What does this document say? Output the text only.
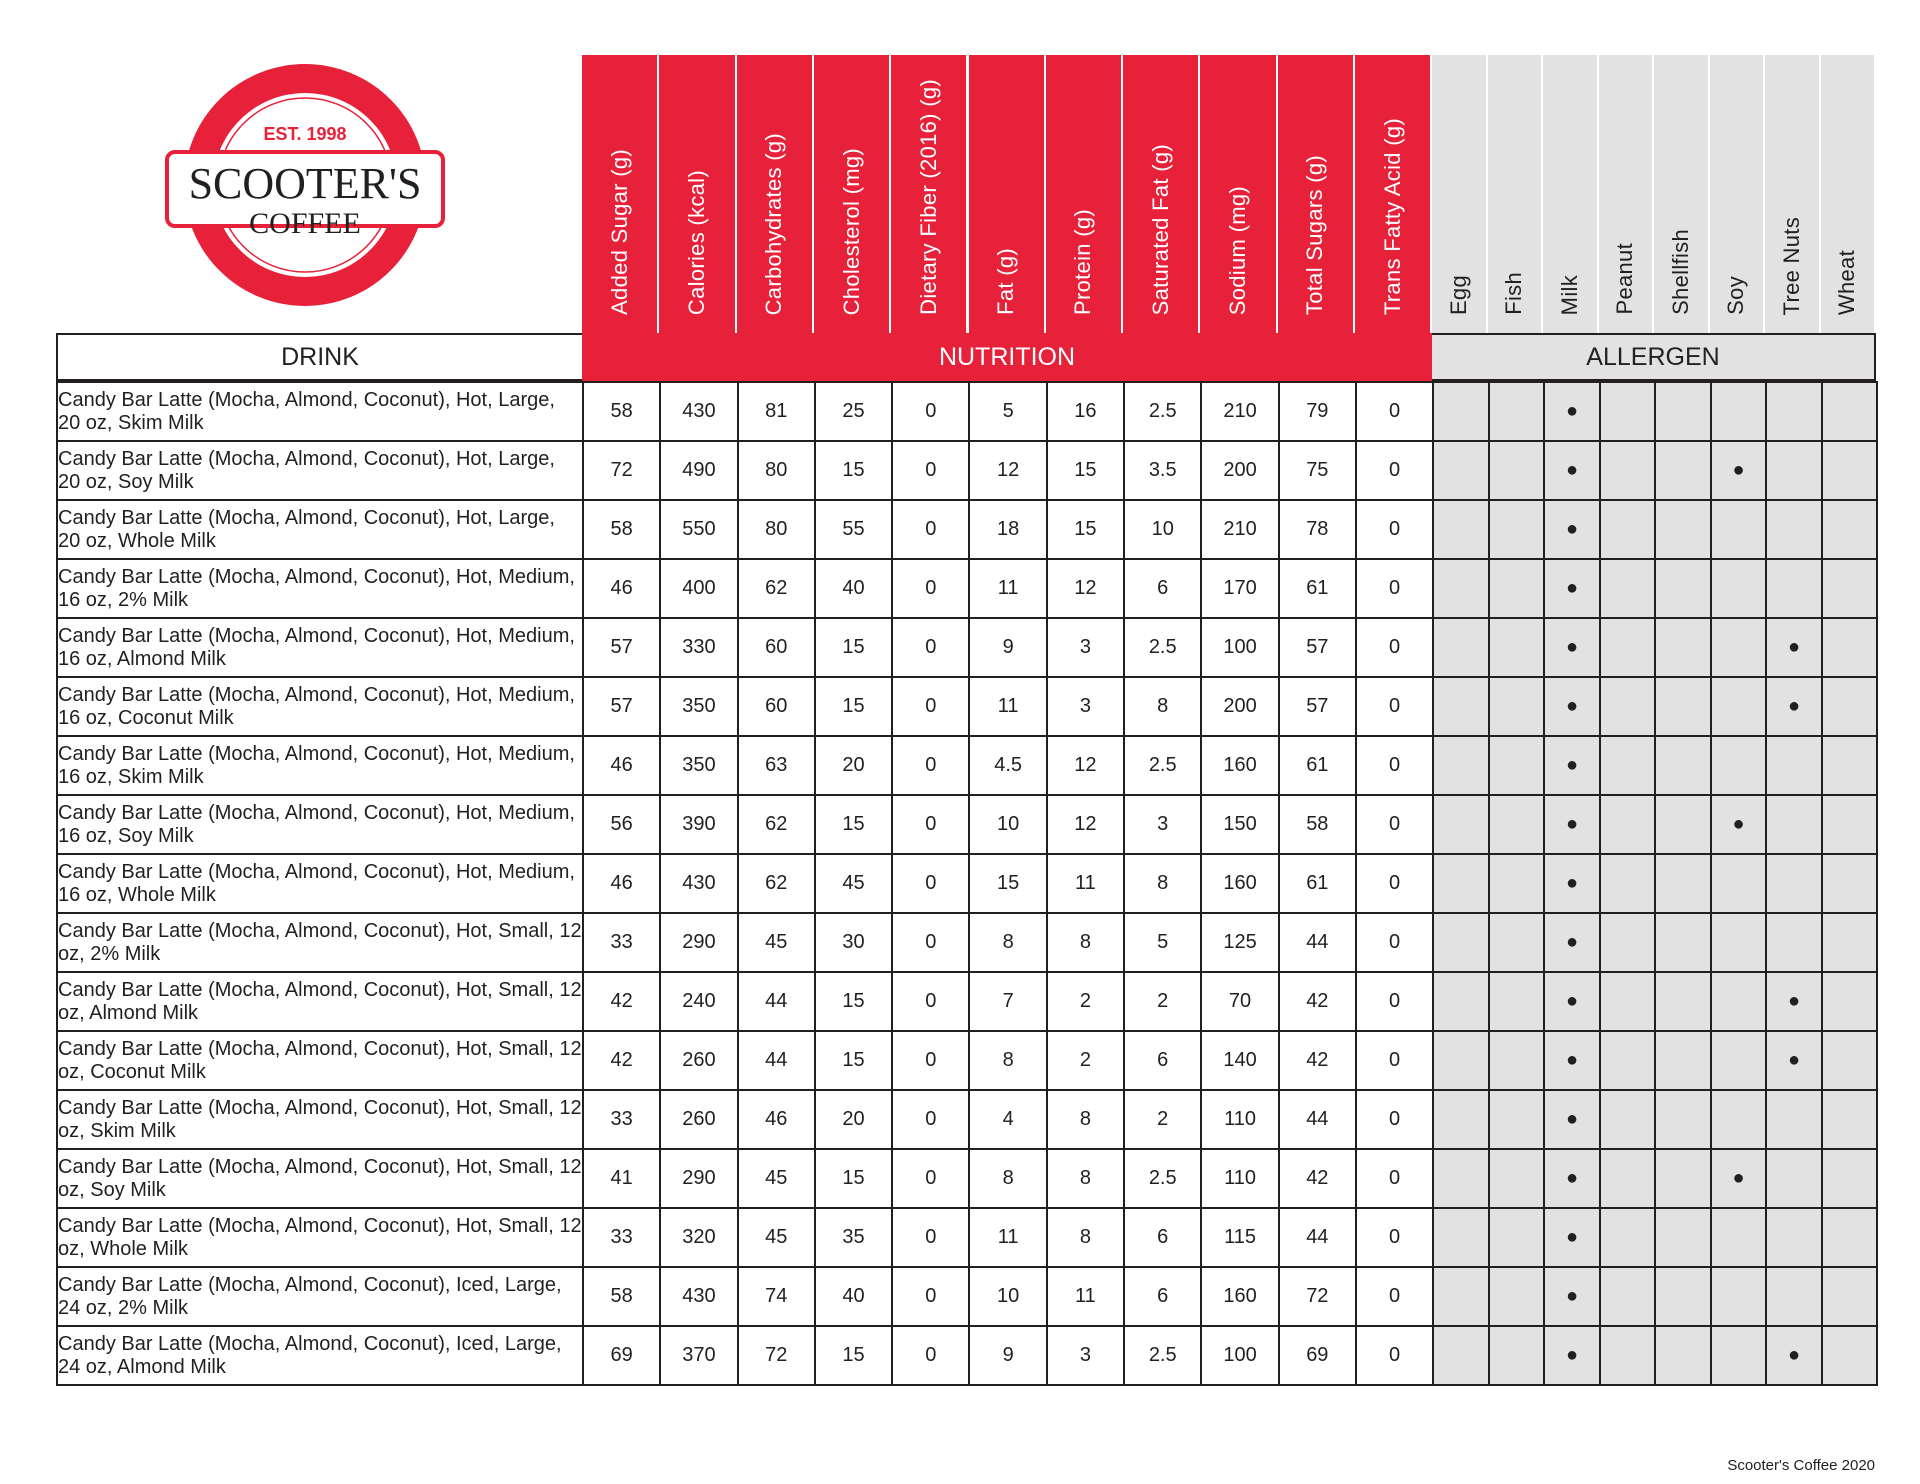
EST. 1998
SCOOTER'S
COFFEE	Added Sugar (g) Calories (kcal) Carbohydrates (g) Cholesterol (mg) Dietary Fiber (2016) (g) Fat (g) Protein (g) Saturated Fat (g) Sodium (mg) Total Sugars (g) Trans Fatty Acid (g) Egg Fish Milk Peanut Shellfish Soy Tree Nuts Wheat
DRINK	NUTRITION	ALLERGEN
Candy Bar Latte (Mocha, Almond, Coconut), Hot, Large, 20 oz, Skim Milk	58	430	81	25	0	5	16	2.5	210	79	0			●					
Candy Bar Latte (Mocha, Almond, Coconut), Hot, Large, 20 oz, Soy Milk	72	490	80	15	0	12	15	3.5	200	75	0			●			●		
Candy Bar Latte (Mocha, Almond, Coconut), Hot, Large, 20 oz, Whole Milk	58	550	80	55	0	18	15	10	210	78	0			●					
Candy Bar Latte (Mocha, Almond, Coconut), Hot, Medium, 16 oz, 2% Milk	46	400	62	40	0	11	12	6	170	61	0			●					
Candy Bar Latte (Mocha, Almond, Coconut), Hot, Medium, 16 oz, Almond Milk	57	330	60	15	0	9	3	2.5	100	57	0			●				●	
Candy Bar Latte (Mocha, Almond, Coconut), Hot, Medium, 16 oz, Coconut Milk	57	350	60	15	0	11	3	8	200	57	0			●				●	
Candy Bar Latte (Mocha, Almond, Coconut), Hot, Medium, 16 oz, Skim Milk	46	350	63	20	0	4.5	12	2.5	160	61	0			●					
Candy Bar Latte (Mocha, Almond, Coconut), Hot, Medium, 16 oz, Soy Milk	56	390	62	15	0	10	12	3	150	58	0			●			●		
Candy Bar Latte (Mocha, Almond, Coconut), Hot, Medium, 16 oz, Whole Milk	46	430	62	45	0	15	11	8	160	61	0			●					
Candy Bar Latte (Mocha, Almond, Coconut), Hot, Small, 12 oz, 2% Milk	33	290	45	30	0	8	8	5	125	44	0			●					
Candy Bar Latte (Mocha, Almond, Coconut), Hot, Small, 12 oz, Almond Milk	42	240	44	15	0	7	2	2	70	42	0			●				●	
Candy Bar Latte (Mocha, Almond, Coconut), Hot, Small, 12 oz, Coconut Milk	42	260	44	15	0	8	2	6	140	42	0			●				●	
Candy Bar Latte (Mocha, Almond, Coconut), Hot, Small, 12 oz, Skim Milk	33	260	46	20	0	4	8	2	110	44	0			●					
Candy Bar Latte (Mocha, Almond, Coconut), Hot, Small, 12 oz, Soy Milk	41	290	45	15	0	8	8	2.5	110	42	0			●			●		
Candy Bar Latte (Mocha, Almond, Coconut), Hot, Small, 12 oz, Whole Milk	33	320	45	35	0	11	8	6	115	44	0			●					
Candy Bar Latte (Mocha, Almond, Coconut), Iced, Large, 24 oz, 2% Milk	58	430	74	40	0	10	11	6	160	72	0			●					
Candy Bar Latte (Mocha, Almond, Coconut), Iced, Large, 24 oz, Almond Milk	69	370	72	15	0	9	3	2.5	100	69	0			●				●	
Scooter's Coffee 2020
